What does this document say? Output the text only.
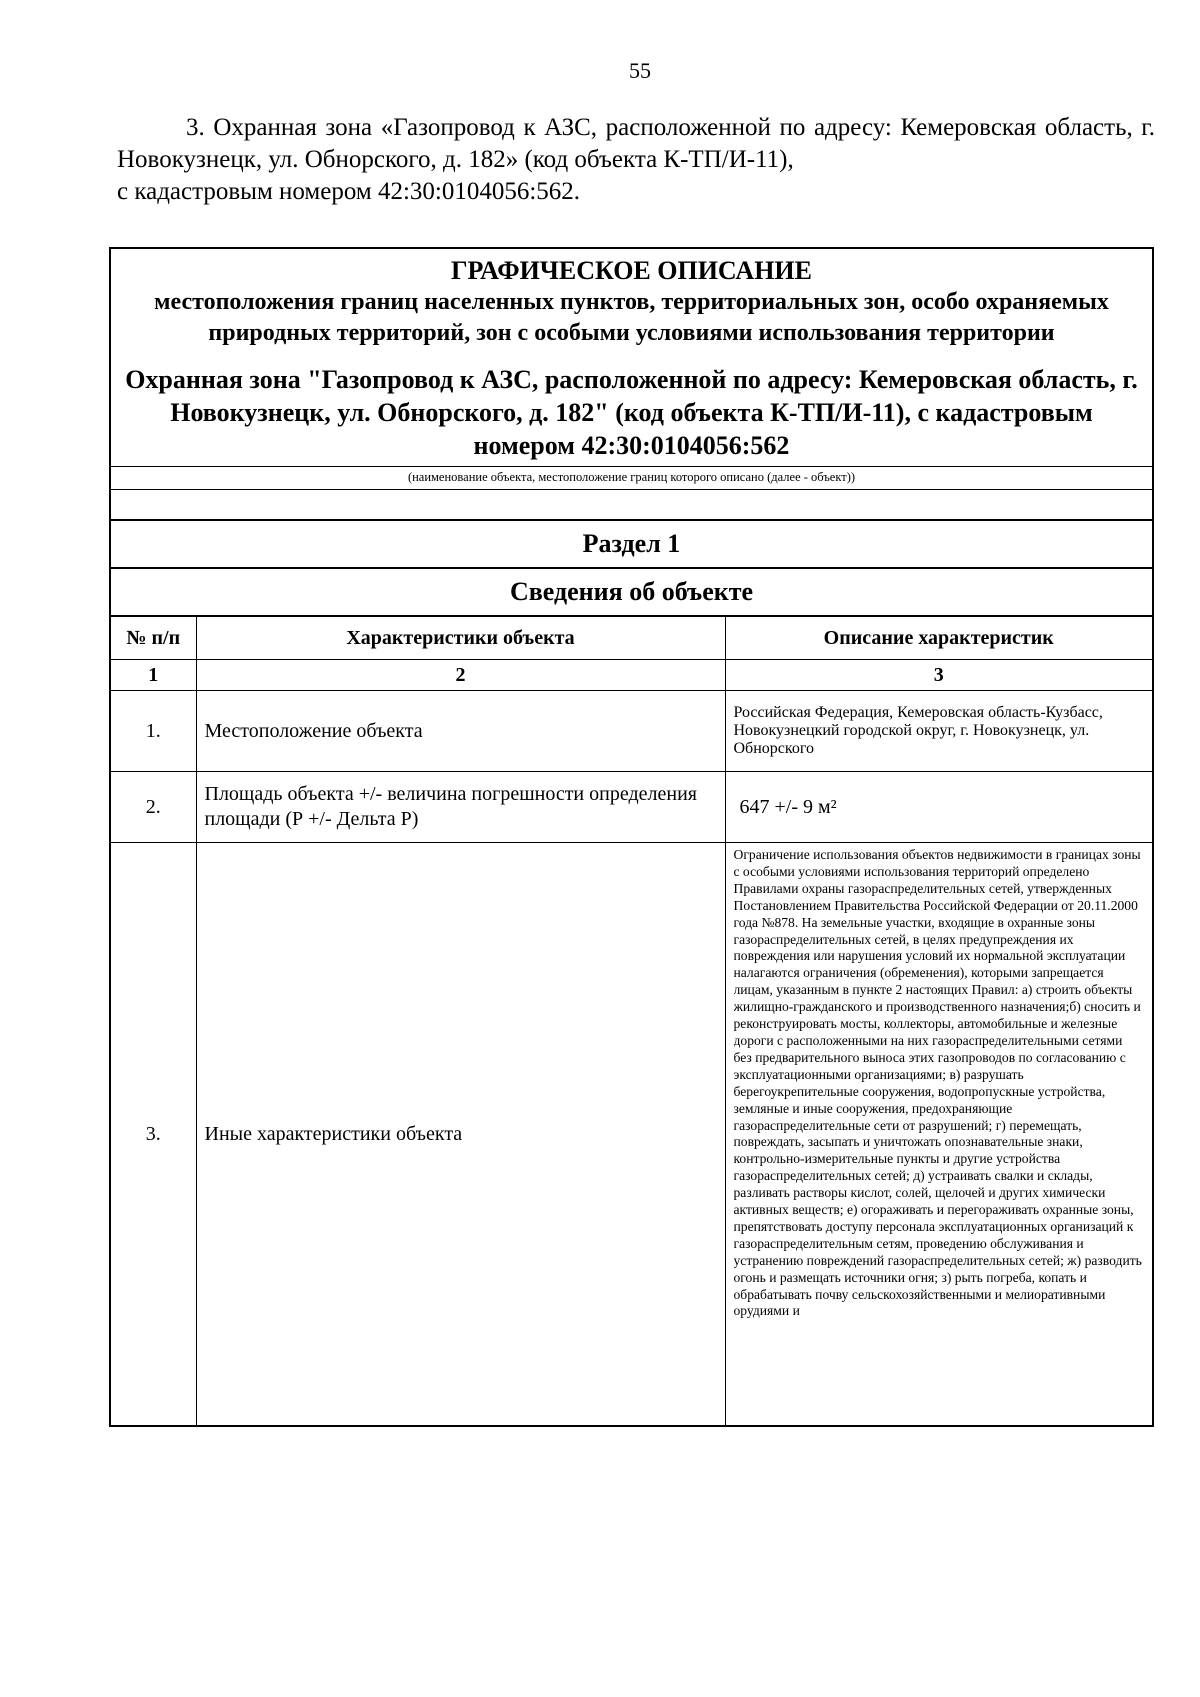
55
3. Охранная зона «Газопровод к АЗС, расположенной по адресу: Кемеровская область, г. Новокузнецк, ул. Обнорского, д. 182» (код объекта К-ТП/И-11),
с кадастровым номером 42:30:0104056:562.
ГРАФИЧЕСКОЕ ОПИСАНИЕ
местоположения границ населенных пунктов, территориальных зон, особо охраняемых природных территорий, зон с особыми условиями использования территории
Охранная зона "Газопровод к АЗС, расположенной по адресу: Кемеровская область, г. Новокузнецк, ул. Обнорского, д. 182" (код объекта К-ТП/И-11), с кадастровым номером 42:30:0104056:562
(наименование объекта, местоположение границ которого описано (далее - объект))
Раздел 1
Сведения об объекте
№ п/п	Характеристики объекта	Описание характеристик
1	2	3
1.	Местоположение объекта	Российская Федерация, Кемеровская область-Кузбасс, Новокузнецкий городской округ, г. Новокузнецк, ул. Обнорского
2.	Площадь объекта +/- величина погрешности определения площади (Р +/- Дельта Р)	647 +/- 9 м²
3.	Иные характеристики объекта	Ограничение использования объектов недвижимости в границах зоны с особыми условиями использования территорий определено Правилами охраны газораспределительных сетей, утвержденных Постановлением Правительства Российской Федерации от 20.11.2000 года №878. На земельные участки, входящие в охранные зоны газораспределительных сетей, в целях предупреждения их повреждения или нарушения условий их нормальной эксплуатации налагаются ограничения (обременения), которыми запрещается лицам, указанным в пункте 2 настоящих Правил: а) строить объекты жилищно-гражданского и производственного назначения;б) сносить и реконструировать мосты, коллекторы, автомобильные и железные дороги с расположенными на них газораспределительными сетями без предварительного выноса этих газопроводов по согласованию с эксплуатационными организациями; в) разрушать берегоукрепительные сооружения, водопропускные устройства, земляные и иные сооружения, предохраняющие газораспределительные сети от разрушений; г) перемещать, повреждать, засыпать и уничтожать опознавательные знаки, контрольно-измерительные пункты и другие устройства газораспределительных сетей; д) устраивать свалки и склады, разливать растворы кислот, солей, щелочей и других химически активных веществ; е) огораживать и перегораживать охранные зоны, препятствовать доступу персонала эксплуатационных организаций к газораспределительным сетям, проведению обслуживания и устранению повреждений газораспределительных сетей; ж) разводить огонь и размещать источники огня; з) рыть погреба, копать и обрабатывать почву сельскохозяйственными и мелиоративными орудиями и
